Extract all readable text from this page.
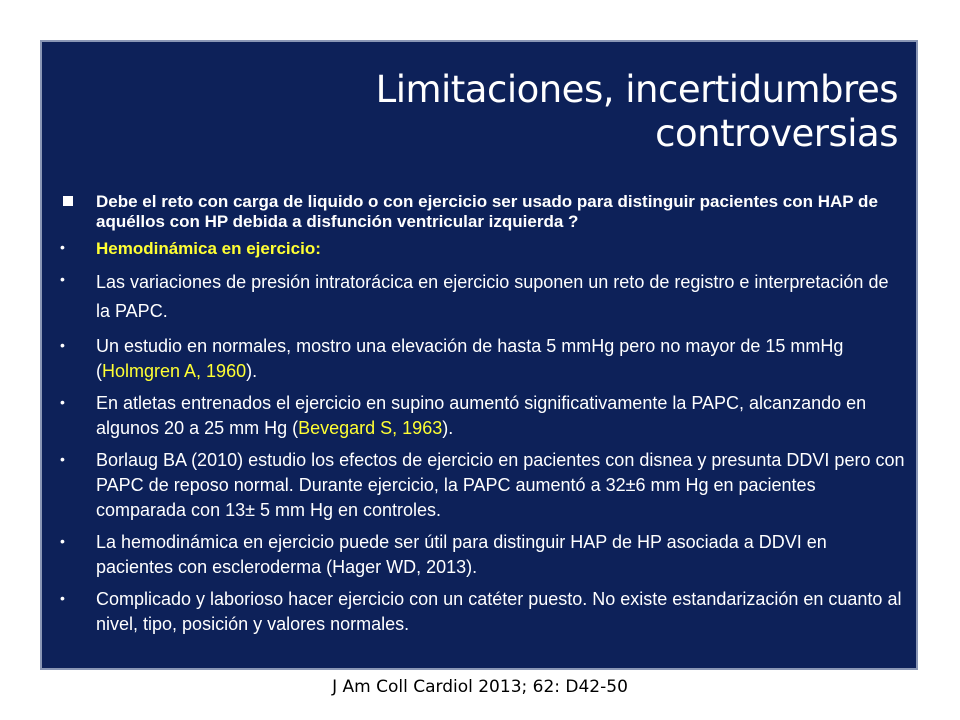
Limitaciones, incertidumbres
controversias
Debe el reto con carga de liquido o con ejercicio ser usado para distinguir pacientes con HAP de aquéllos con HP debida a disfunción ventricular izquierda ?
• Hemodinámica en ejercicio:
• Las variaciones de presión intratorácica en ejercicio suponen un reto de registro e interpretación de la PAPC.
• Un estudio en normales, mostro una elevación de hasta 5 mmHg pero no mayor de 15 mmHg (Holmgren A, 1960).
• En atletas entrenados el ejercicio en supino aumentó significativamente la PAPC, alcanzando en algunos 20 a 25 mm Hg (Bevegard S, 1963).
• Borlaug BA (2010) estudio los efectos de ejercicio en pacientes con disnea y presunta DDVI pero con PAPC de reposo normal. Durante ejercicio, la PAPC aumentó a 32±6 mm Hg en pacientes comparada con 13± 5 mm Hg en controles.
• La hemodinámica en ejercicio puede ser útil para distinguir HAP de HP asociada a DDVI en pacientes con escleroderma (Hager WD, 2013).
• Complicado y laborioso hacer ejercicio con un catéter puesto. No existe estandarización en cuanto al nivel, tipo, posición y valores normales.
J Am Coll Cardiol 2013; 62: D42-50
